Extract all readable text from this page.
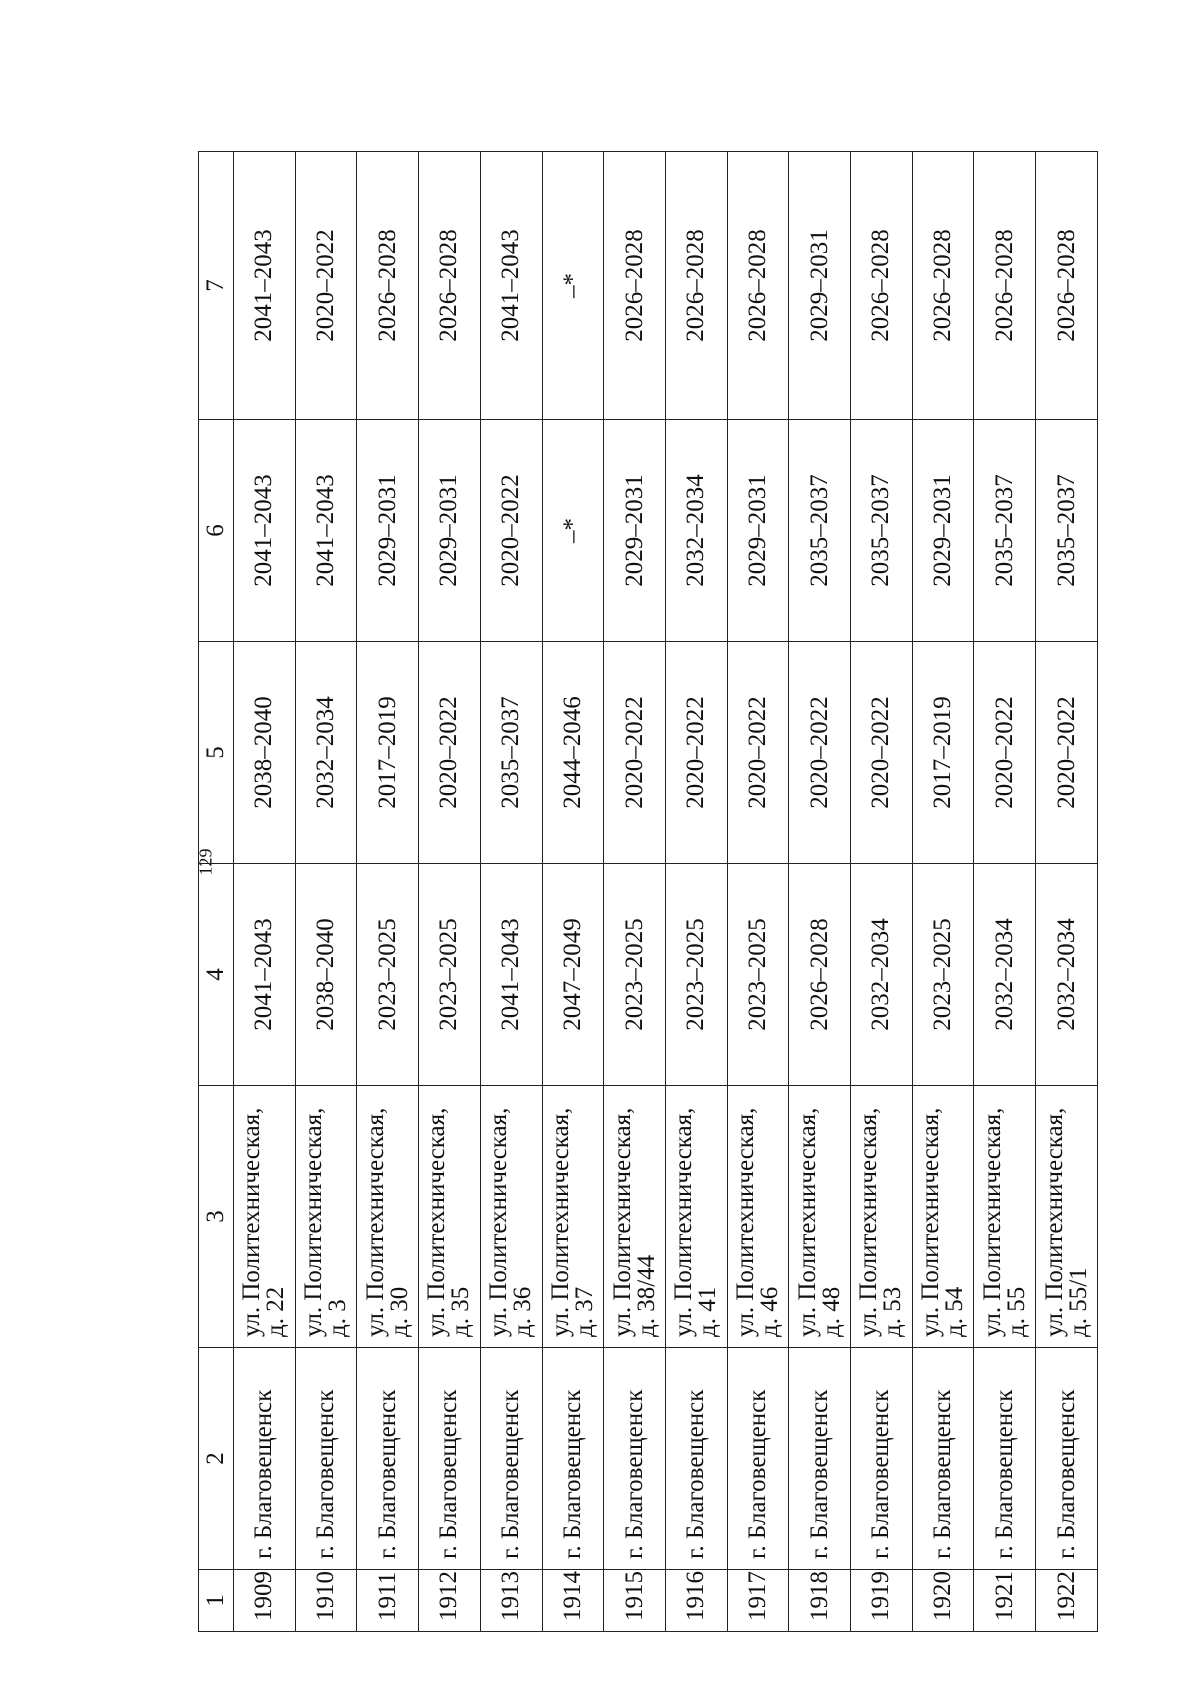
129
1	2	3	4	5	6	7
1909	г. Благовещенск	ул. Политехническая,
д. 22	2041–2043	2038–2040	2041–2043	2041–2043
1910	г. Благовещенск	ул. Политехническая,
д. 3	2038–2040	2032–2034	2041–2043	2020–2022
1911	г. Благовещенск	ул. Политехническая,
д. 30	2023–2025	2017–2019	2029–2031	2026–2028
1912	г. Благовещенск	ул. Политехническая,
д. 35	2023–2025	2020–2022	2029–2031	2026–2028
1913	г. Благовещенск	ул. Политехническая,
д. 36	2041–2043	2035–2037	2020–2022	2041–2043
1914	г. Благовещенск	ул. Политехническая,
д. 37	2047–2049	2044–2046	–*	–*
1915	г. Благовещенск	ул. Политехническая,
д. 38/44	2023–2025	2020–2022	2029–2031	2026–2028
1916	г. Благовещенск	ул. Политехническая,
д. 41	2023–2025	2020–2022	2032–2034	2026–2028
1917	г. Благовещенск	ул. Политехническая,
д. 46	2023–2025	2020–2022	2029–2031	2026–2028
1918	г. Благовещенск	ул. Политехническая,
д. 48	2026–2028	2020–2022	2035–2037	2029–2031
1919	г. Благовещенск	ул. Политехническая,
д. 53	2032–2034	2020–2022	2035–2037	2026–2028
1920	г. Благовещенск	ул. Политехническая,
д. 54	2023–2025	2017–2019	2029–2031	2026–2028
1921	г. Благовещенск	ул. Политехническая,
д. 55	2032–2034	2020–2022	2035–2037	2026–2028
1922	г. Благовещенск	ул. Политехническая,
д. 55/1	2032–2034	2020–2022	2035–2037	2026–2028
